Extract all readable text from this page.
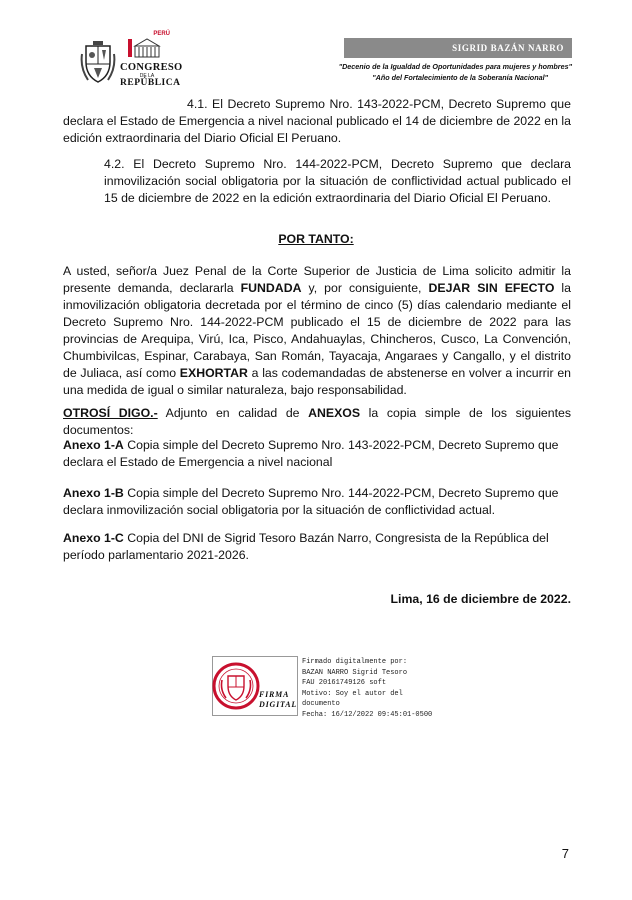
PERÚ
CONGRESO
DE LA
REPÚBLICA
SIGRID BAZÁN NARRO
"Decenio de la Igualdad de Oportunidades para mujeres y hombres"
"Año del Fortalecimiento de la Soberanía Nacional"

4.1. El Decreto Supremo Nro. 143-2022-PCM, Decreto Supremo que declara el Estado de Emergencia a nivel nacional publicado el 14 de diciembre de 2022 en la edición extraordinaria del Diario Oficial El Peruano.

4.2. El Decreto Supremo Nro. 144-2022-PCM, Decreto Supremo que declara inmovilización social obligatoria por la situación de conflictividad actual publicado el 15 de diciembre de 2022 en la edición extraordinaria del Diario Oficial El Peruano.

POR TANTO:

A usted, señor/a Juez Penal de la Corte Superior de Justicia de Lima solicito admitir la presente demanda, declararla FUNDADA y, por consiguiente, DEJAR SIN EFECTO la inmovilización obligatoria decretada por el término de cinco (5) días calendario mediante el Decreto Supremo Nro. 144-2022-PCM publicado el 15 de diciembre de 2022 para las provincias de Arequipa, Virú, Ica, Pisco, Andahuaylas, Chincheros, Cusco, La Convención, Chumbivilcas, Espinar, Carabaya, San Román, Tayacaja, Angaraes y Cangallo, y el distrito de Juliaca, así como EXHORTAR a las codemandadas de abstenerse en volver a incurrir en una medida de igual o similar naturaleza, bajo responsabilidad.

OTROSÍ DIGO.- Adjunto en calidad de ANEXOS la copia simple de los siguientes documentos:

Anexo 1-A Copia simple del Decreto Supremo Nro. 143-2022-PCM, Decreto Supremo que declara el Estado de Emergencia a nivel nacional

Anexo 1-B Copia simple del Decreto Supremo Nro. 144-2022-PCM, Decreto Supremo que declara inmovilización social obligatoria por la situación de conflictividad actual.

Anexo 1-C Copia del DNI de Sigrid Tesoro Bazán Narro, Congresista de la República del período parlamentario 2021-2026.

Lima, 16 de diciembre de 2022.
FIRMA
DIGITAL
Firmado digitalmente por:
BAZAN NARRO Sigrid Tesoro
FAU 20161749126 soft
Motivo: Soy el autor del
documento
Fecha: 16/12/2022 09:45:01-0500
7
